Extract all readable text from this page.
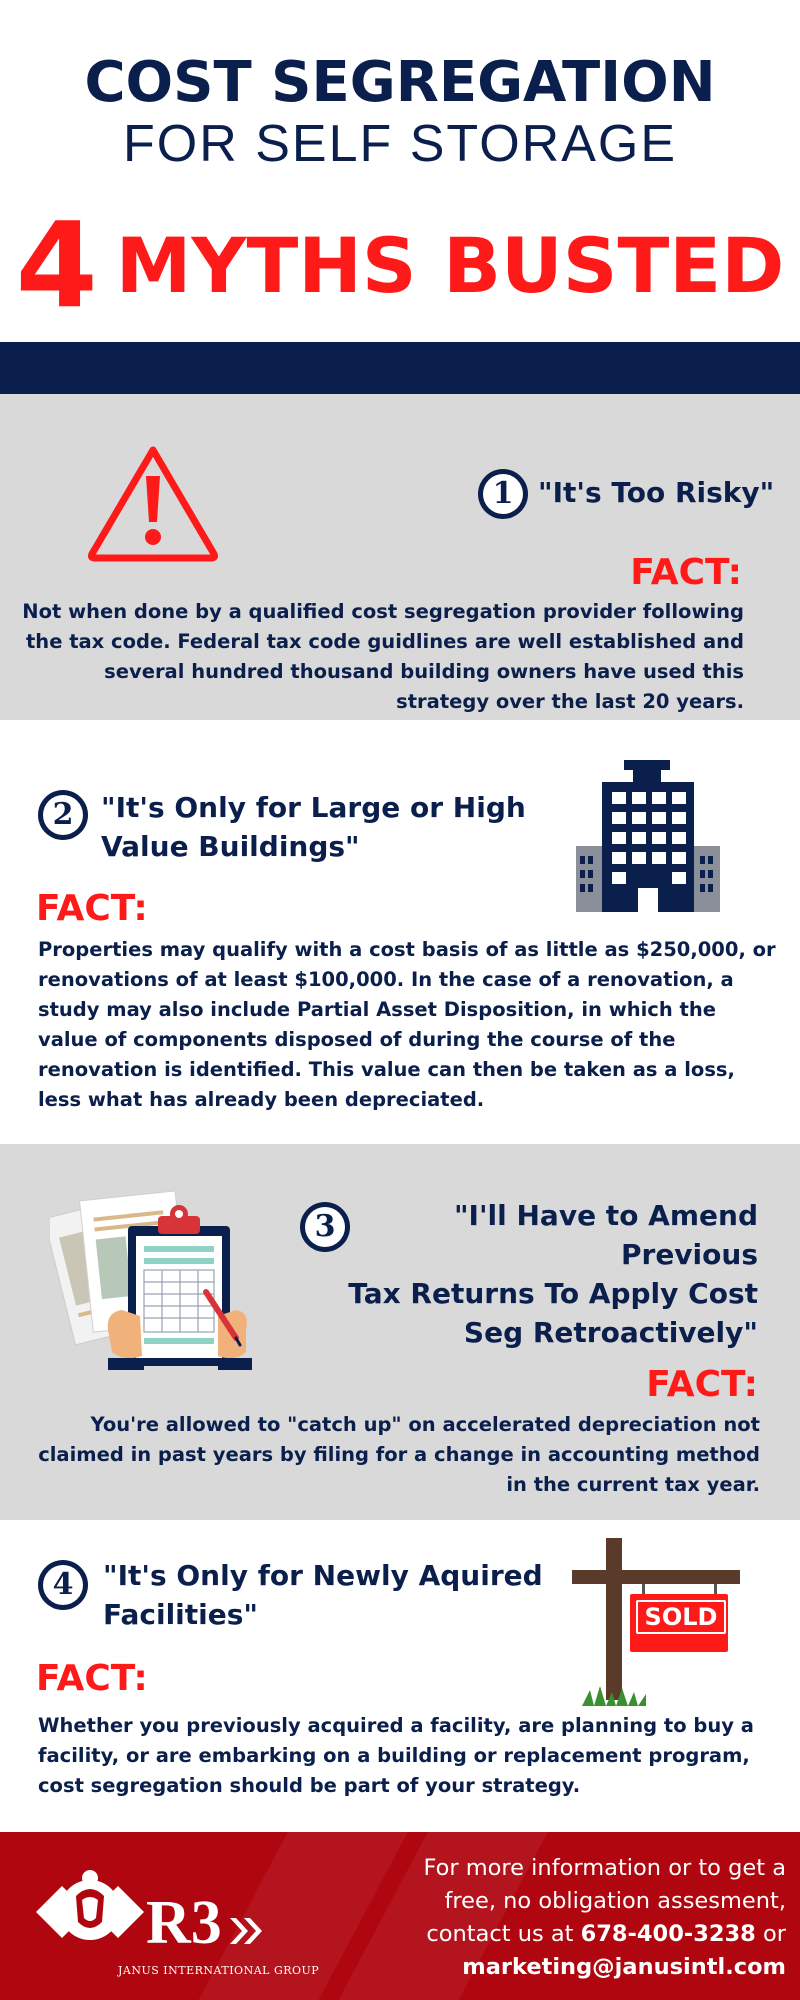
COST SEGREGATION
FOR SELF STORAGE
4 MYTHS BUSTED
1 "It's Too Risky"
FACT:
Not when done by a qualified cost segregation provider following
the tax code. Federal tax code guidlines are well established and
several hundred thousand building owners have used this
strategy over the last 20 years.
2 "It's Only for Large or High
Value Buildings"
FACT:
Properties may qualify with a cost basis of as little as $250,000, or
renovations of at least $100,000. In the case of a renovation, a
study may also include Partial Asset Disposition, in which the
value of components disposed of during the course of the
renovation is identified. This value can then be taken as a loss,
less what has already been depreciated.
3	"I'll Have to Amend Previous
Tax Returns To Apply Cost
Seg Retroactively"
FACT:
You're allowed to "catch up" on accelerated depreciation not
claimed in past years by filing for a change in accounting method
in the current tax year.
4	"It's Only for Newly Aquired
Facilities"	SOLD
FACT:
Whether you previously acquired a facility, are planning to buy a
facility, or are embarking on a building or replacement program,
cost segregation should be part of your strategy.
R3
JANUS INTERNATIONAL GROUP
For more information or to get a
free, no obligation assesment,
contact us at 678-400-3238 or
marketing@janusintl.com
